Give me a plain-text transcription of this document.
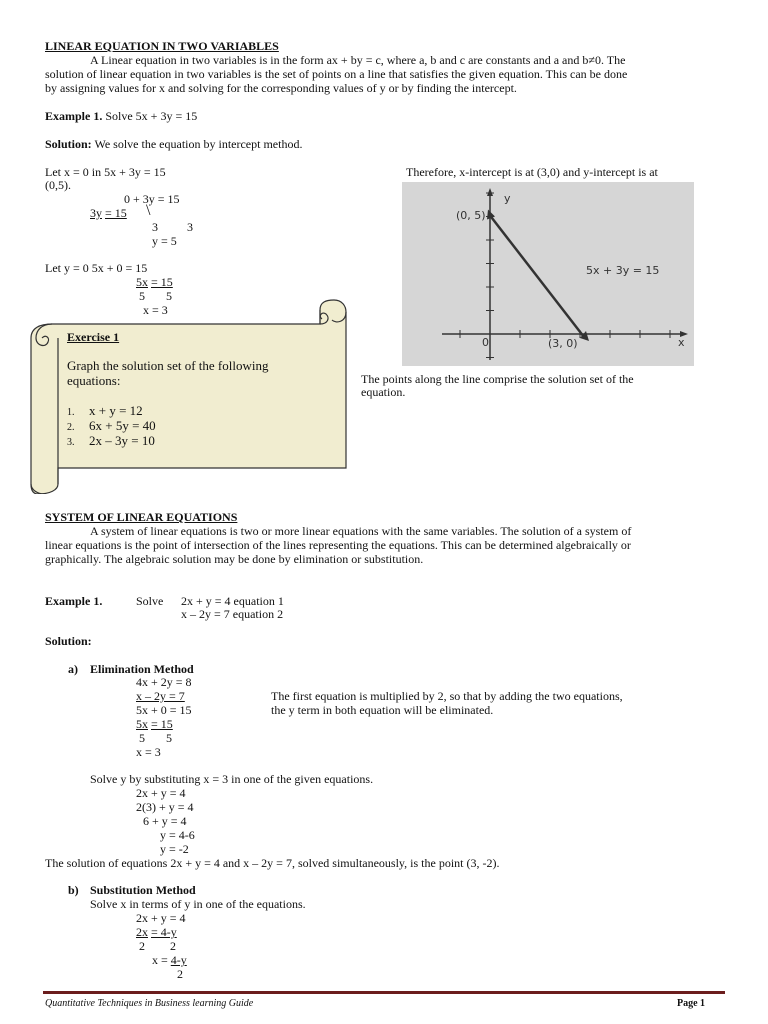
LINEAR EQUATION IN TWO VARIABLES
A Linear equation in two variables is in the form ax + by = c, where a, b and c are constants and a and b≠0. The
solution of linear equation in two variables is the set of points on a line that satisfies the given equation. This can be done
by assigning values for x and solving for the corresponding values of y or by finding the intercept.
Example 1. Solve 5x + 3y = 15
Solution: We solve the equation by intercept method.
Let x = 0 in 5x + 3y = 15
(0,5).
0 + 3y = 15
3y = 15 \
3 3
y = 5
Let y = 0 5x + 0 = 15
5x = 15
5 5
x = 3
Exercise 1
Graph the solution set of the following
equations:
1. x + y = 12
2. 6x + 5y = 40
3. 2x – 3y = 10
Therefore, x-intercept is at (3,0) and y-intercept is at
y
x
0
(0, 5)
(3, 0)
5x + 3y = 15
The points along the line comprise the solution set of the
equation.
SYSTEM OF LINEAR EQUATIONS
A system of linear equations is two or more linear equations with the same variables. The solution of a system of
linear equations is the point of intersection of the lines representing the equations. This can be determined algebraically or
graphically. The algebraic solution may be done by elimination or substitution.
Example 1.	Solve 2x + y = 4 equation 1
x – 2y = 7 equation 2
Solution:
a) Elimination Method
4x + 2y = 8
x – 2y = 7
5x + 0 = 15
5x = 15
5 5
x = 3
The first equation is multiplied by 2, so that by adding the two equations,
the y term in both equation will be eliminated.
Solve y by substituting x = 3 in one of the given equations.
2x + y = 4
2(3) + y = 4
6 + y = 4
y = 4-6
y = -2
The solution of equations 2x + y = 4 and x – 2y = 7, solved simultaneously, is the point (3, -2).
b) Substitution Method
Solve x in terms of y in one of the equations.
2x + y = 4
2x = 4-y
2 2
x = 4-y
2
Quantitative Techniques in Business learning Guide	Page 1
